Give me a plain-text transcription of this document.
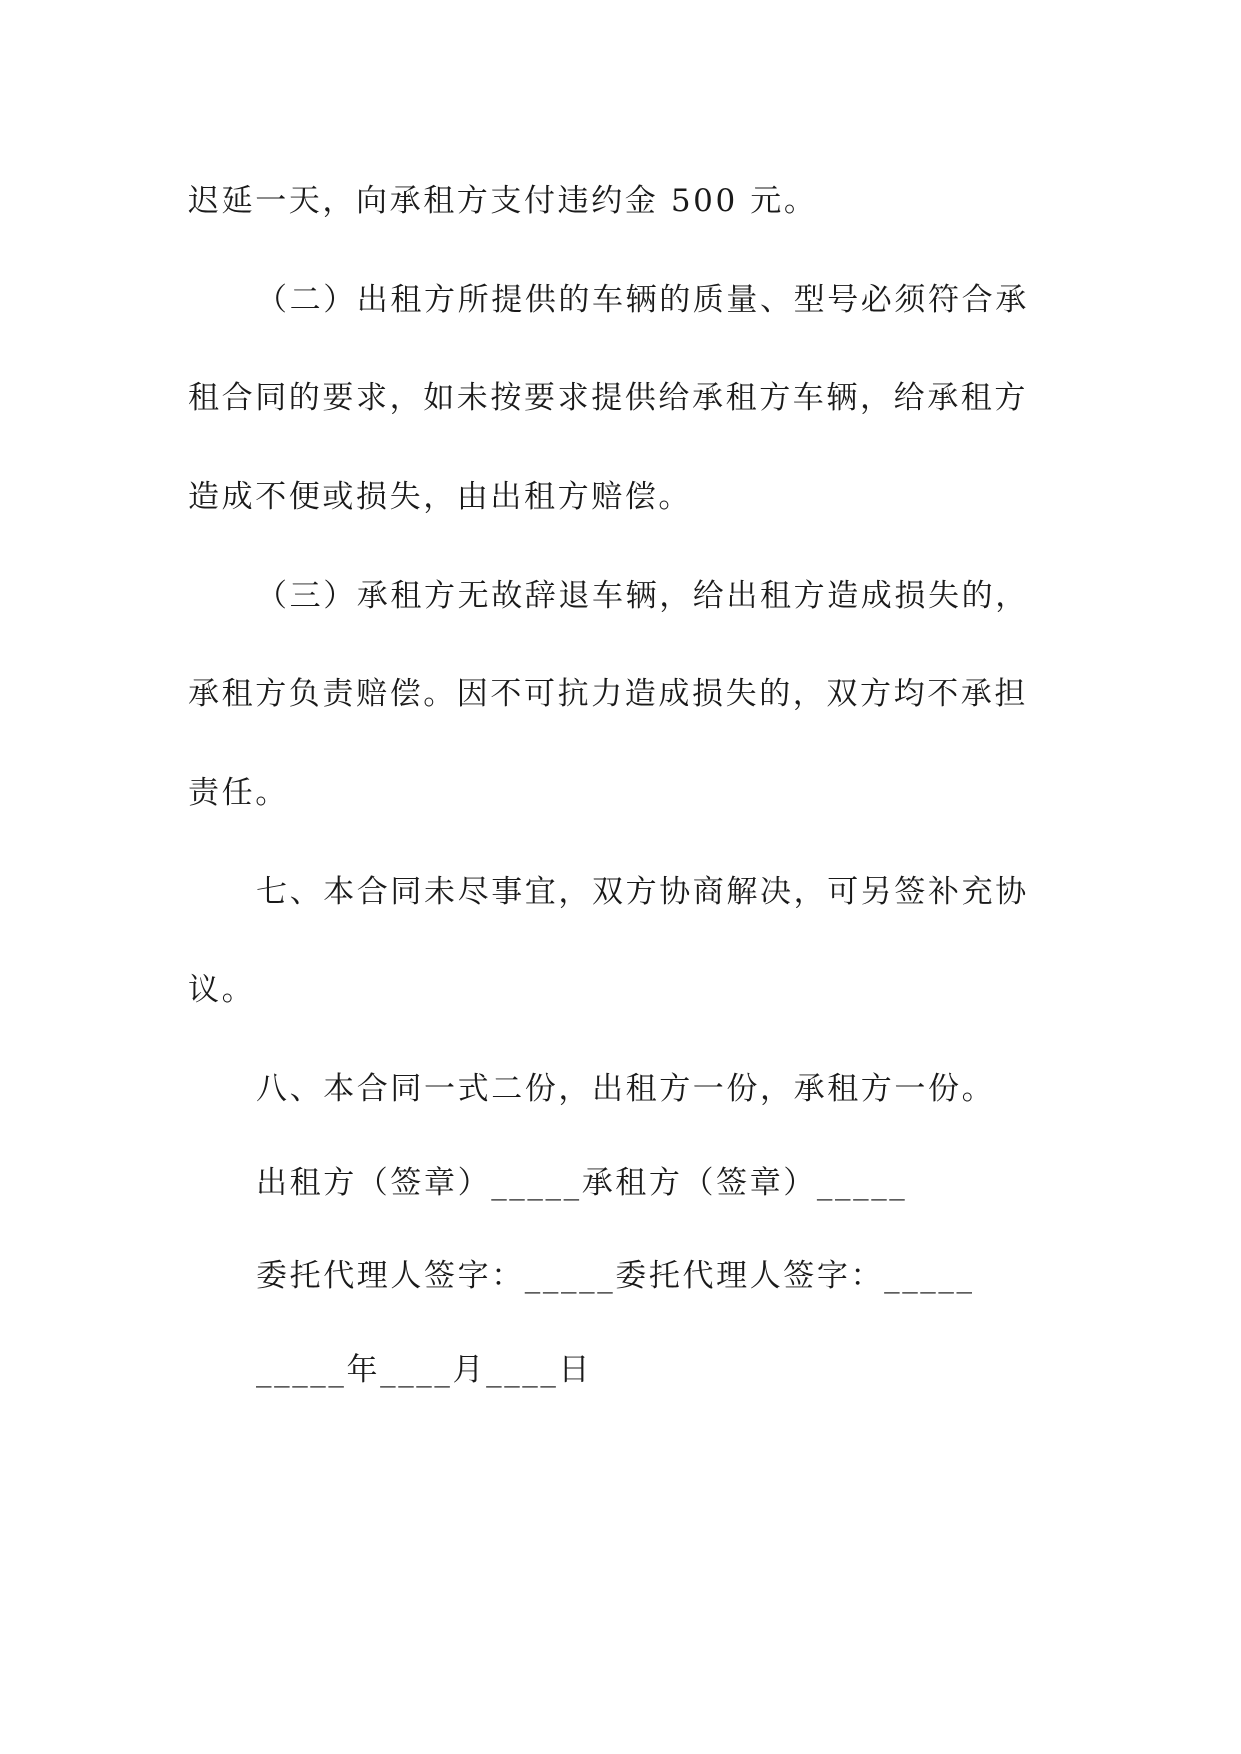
迟延一天，向承租方支付违约金 500 元。
（二）出租方所提供的车辆的质量、型号必须符合承
租合同的要求，如未按要求提供给承租方车辆，给承租方
造成不便或损失，由出租方赔偿。
（三）承租方无故辞退车辆，给出租方造成损失的，
承租方负责赔偿。因不可抗力造成损失的，双方均不承担
责任。
七、本合同未尽事宜，双方协商解决，可另签补充协
议。
八、本合同一式二份，出租方一份，承租方一份。
出租方（签章）_____承租方（签章）_____
委托代理人签字：_____委托代理人签字：_____
_____年____月____日
